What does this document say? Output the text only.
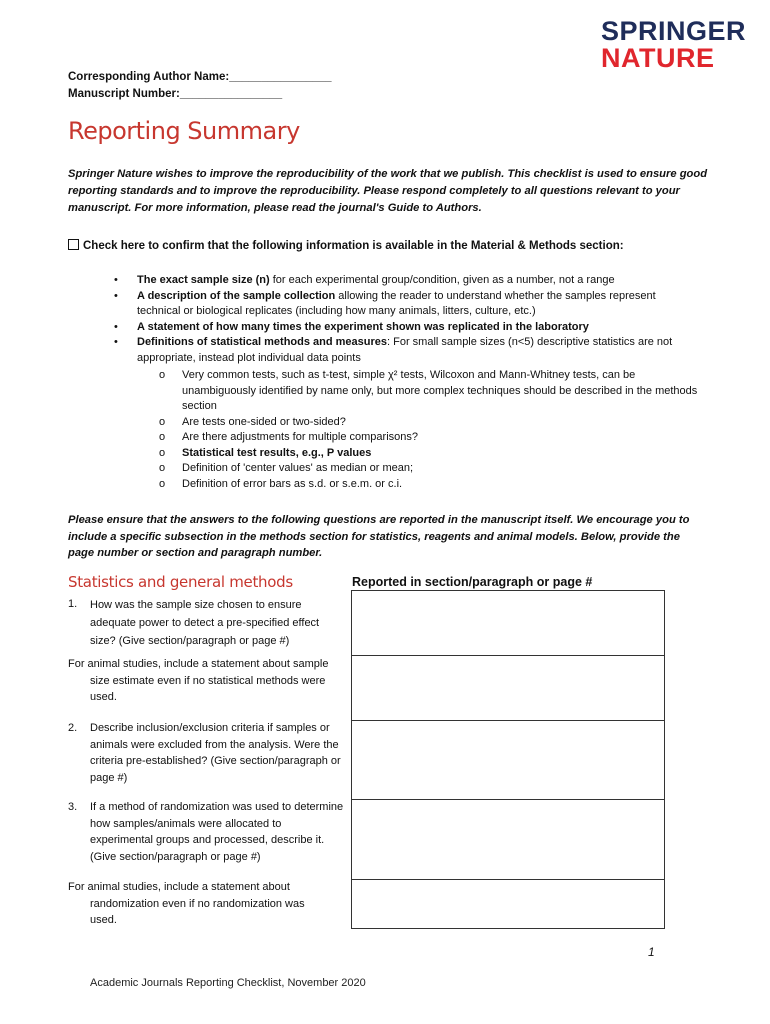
SPRINGER
NATURE
Corresponding Author Name:________________
Manuscript Number:________________
Reporting Summary
Springer Nature wishes to improve the reproducibility of the work that we publish. This checklist is used to ensure good reporting standards and to improve the reproducibility. Please respond completely to all questions relevant to your manuscript. For more information, please read the journal's Guide to Authors.
Check here to confirm that the following information is available in the Material & Methods section:
• The exact sample size (n) for each experimental group/condition, given as a number, not a range
• A description of the sample collection allowing the reader to understand whether the samples represent technical or biological replicates (including how many animals, litters, culture, etc.)
• A statement of how many times the experiment shown was replicated in the laboratory
• Definitions of statistical methods and measures: For small sample sizes (n<5) descriptive statistics are not appropriate, instead plot individual data points
o Very common tests, such as t-test, simple χ² tests, Wilcoxon and Mann-Whitney tests, can be unambiguously identified by name only, but more complex techniques should be described in the methods section
o Are tests one-sided or two-sided?
o Are there adjustments for multiple comparisons?
o Statistical test results, e.g., P values
o Definition of 'center values' as median or mean;
o Definition of error bars as s.d. or s.e.m. or c.i.
Please ensure that the answers to the following questions are reported in the manuscript itself. We encourage you to include a specific subsection in the methods section for statistics, reagents and animal models. Below, provide the page number or section and paragraph number.
Statistics and general methods	Reported in section/paragraph or page #
1.	How was the sample size chosen to ensure adequate power to detect a pre-specified effect size? (Give section/paragraph or page #)
For animal studies, include a statement about sample size estimate even if no statistical methods were used.
2.	Describe inclusion/exclusion criteria if samples or animals were excluded from the analysis. Were the criteria pre-established? (Give section/paragraph or page #)
3.	If a method of randomization was used to determine how samples/animals were allocated to experimental groups and processed, describe it. (Give section/paragraph or page #)
For animal studies, include a statement about randomization even if no randomization was used.
1
Academic Journals Reporting Checklist, November 2020
